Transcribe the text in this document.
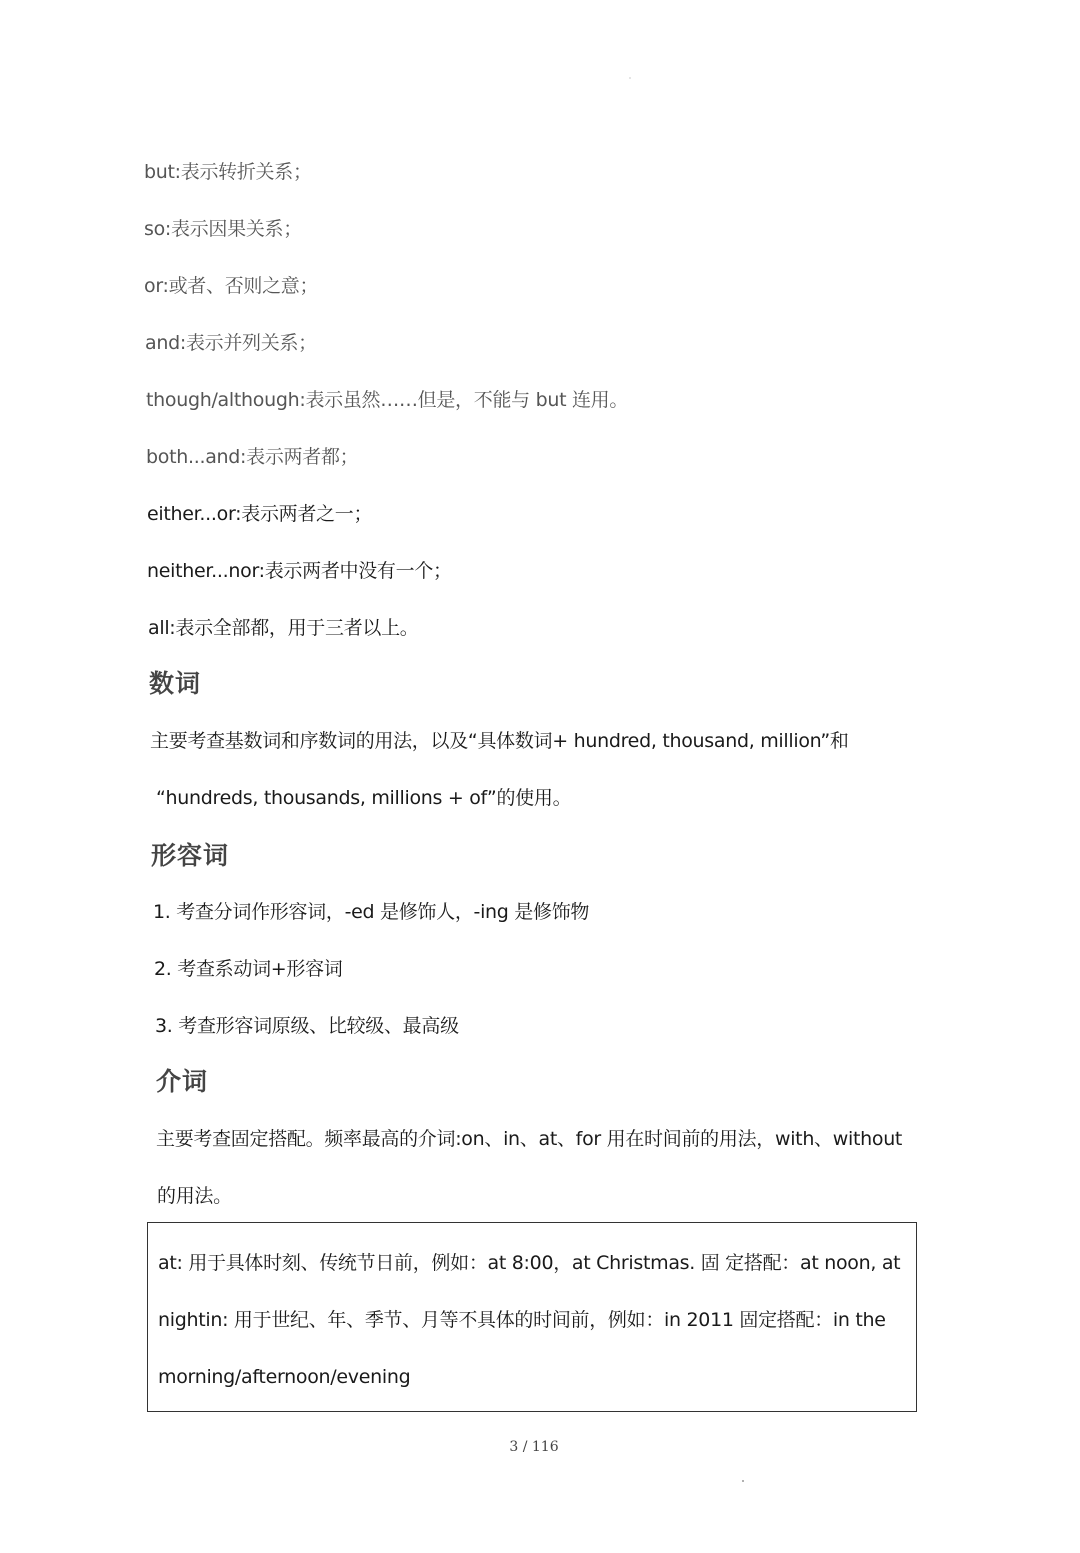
but:表示转折关系；
so:表示因果关系；
or:或者、否则之意；
and:表示并列关系；
though/although:表示虽然……但是，不能与 but 连用。
both...and:表示两者都；
either...or:表示两者之一；
neither...nor:表示两者中没有一个；
all:表示全部都，用于三者以上。
数词
主要考查基数词和序数词的用法，以及“具体数词+ hundred, thousand, million”和
“hundreds, thousands, millions + of”的使用。
形容词
1. 考查分词作形容词，-ed 是修饰人，-ing 是修饰物
2. 考查系动词+形容词
3. 考查形容词原级、比较级、最高级
介词
主要考查固定搭配。频率最高的介词:on、in、at、for 用在时间前的用法，with、without
的用法。
at: 用于具体时刻、传统节日前，例如：at 8:00，at Christmas. 固 定搭配：at noon, at
nightin: 用于世纪、年、季节、月等不具体的时间前，例如：in 2011 固定搭配：in the
morning/afternoon/evening
3 / 116
